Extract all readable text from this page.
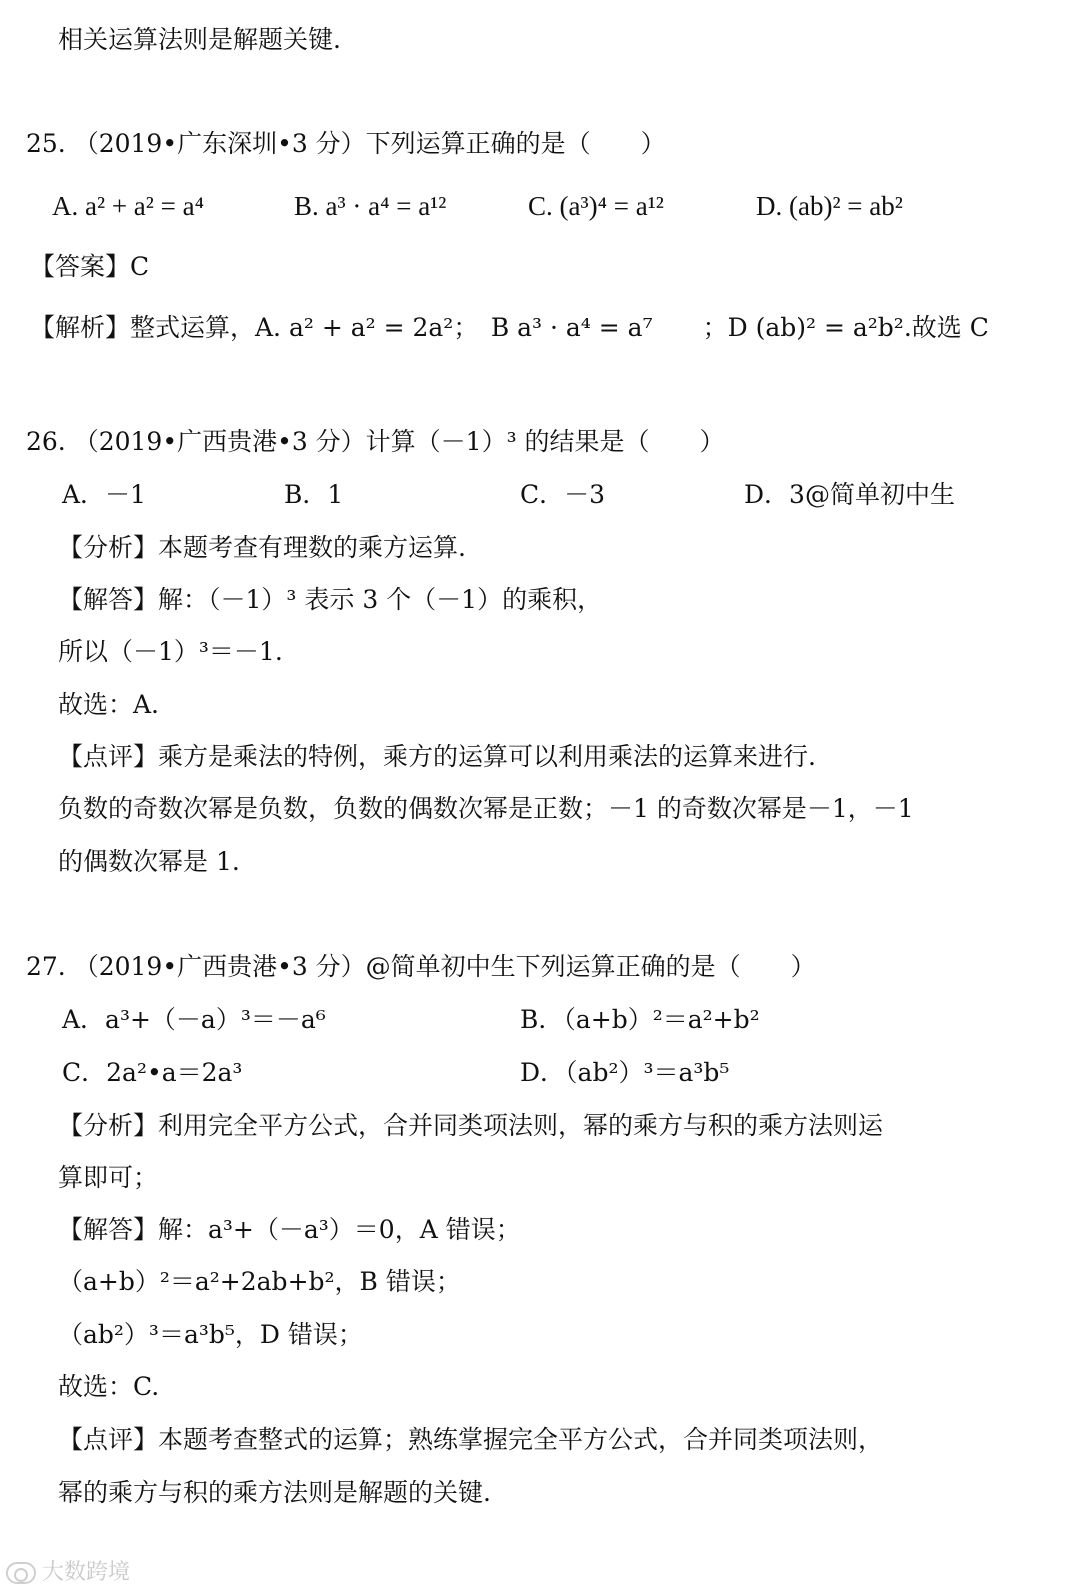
相关运算法则是解题关键.
25. （2019•广东深圳•3 分）下列运算正确的是（　　）
A. a² + a² = a⁴	B. a³ · a⁴ = a¹²	C. (a³)⁴ = a¹²	D. (ab)² = ab²
【答案】C
【解析】整式运算，A. a² + a² = 2a²；　B a³ · a⁴ = a⁷　　；D (ab)² = a²b².故选 C
26. （2019•广西贵港•3 分）计算（－1）³ 的结果是（　　）
A．－1	B．1	C．－3	D．3@简单初中生
【分析】本题考查有理数的乘方运算.
【解答】解：（－1）³ 表示 3 个（－1）的乘积，
所以（－1）³＝－1.
故选：A.
【点评】乘方是乘法的特例，乘方的运算可以利用乘法的运算来进行.
负数的奇数次幂是负数，负数的偶数次幂是正数；－1 的奇数次幂是－1，－1
的偶数次幂是 1.
27. （2019•广西贵港•3 分）@简单初中生下列运算正确的是（　　）
A．a³+（－a）³＝－a⁶	B．（a+b）²＝a²+b²
C．2a²•a＝2a³	D．（ab²）³＝a³b⁵
【分析】利用完全平方公式，合并同类项法则，幂的乘方与积的乘方法则运
算即可；
【解答】解：a³+（－a³）＝0，A 错误；
（a+b）²＝a²+2ab+b²，B 错误；
（ab²）³＝a³b⁵，D 错误；
故选：C.
【点评】本题考查整式的运算；熟练掌握完全平方公式，合并同类项法则，
幂的乘方与积的乘方法则是解题的关键.
大数跨境
